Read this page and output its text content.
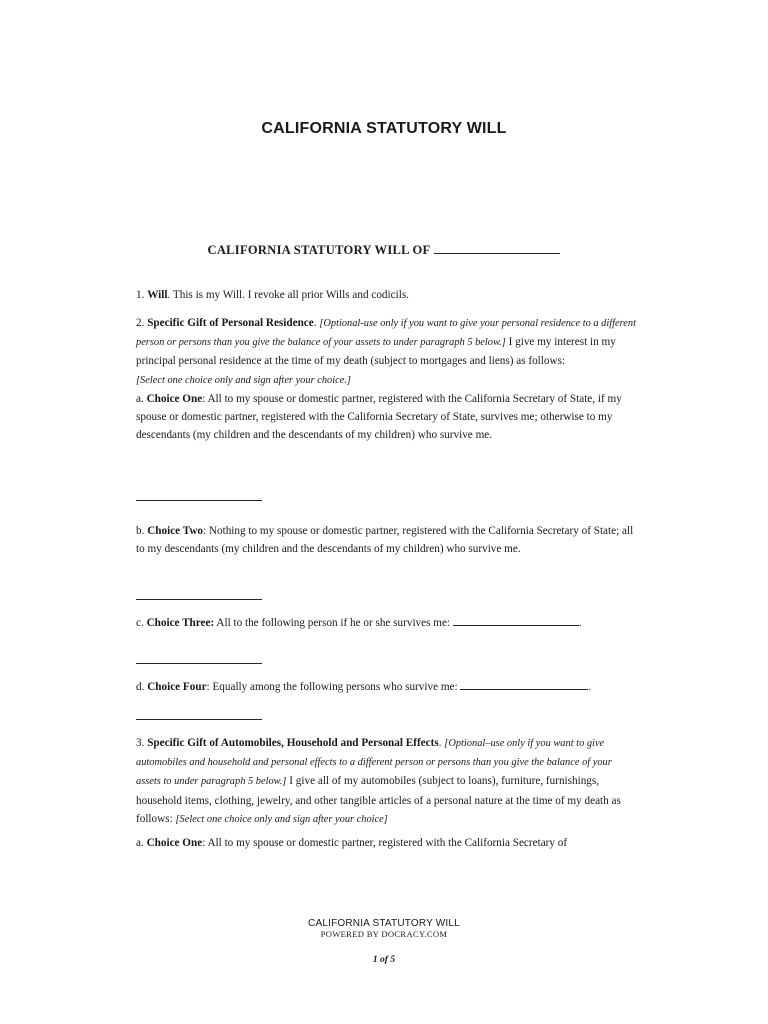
CALIFORNIA STATUTORY WILL
CALIFORNIA STATUTORY WILL OF

1. Will. This is my Will. I revoke all prior Wills and codicils.

2. Specific Gift of Personal Residence. [Optional-use only if you want to give your personal residence to a different person or persons than you give the balance of your assets to under paragraph 5 below.] I give my interest in my principal personal residence at the time of my death (subject to mortgages and liens) as follows:

[Select one choice only and sign after your choice.]

a. Choice One: All to my spouse or domestic partner, registered with the California Secretary of State, if my spouse or domestic partner, registered with the California Secretary of State, survives me; otherwise to my descendants (my children and the descendants of my children) who survive me.

b. Choice Two: Nothing to my spouse or domestic partner, registered with the California Secretary of State; all to my descendants (my children and the descendants of my children) who survive me.

c. Choice Three: All to the following person if he or she survives me:	.

d. Choice Four: Equally among the following persons who survive me:	.

3. Specific Gift of Automobiles, Household and Personal Effects. [Optional–use only if you want to give automobiles and household and personal effects to a different person or persons than you give the balance of your assets to under paragraph 5 below.] I give all of my automobiles (subject to loans), furniture, furnishings, household items, clothing, jewelry, and other tangible articles of a personal nature at the time of my death as follows: [Select one choice only and sign after your choice]

a. Choice One: All to my spouse or domestic partner, registered with the California Secretary of

CALIFORNIA STATUTORY WILL
POWERED BY DOCRACY.COM
1 of 5
